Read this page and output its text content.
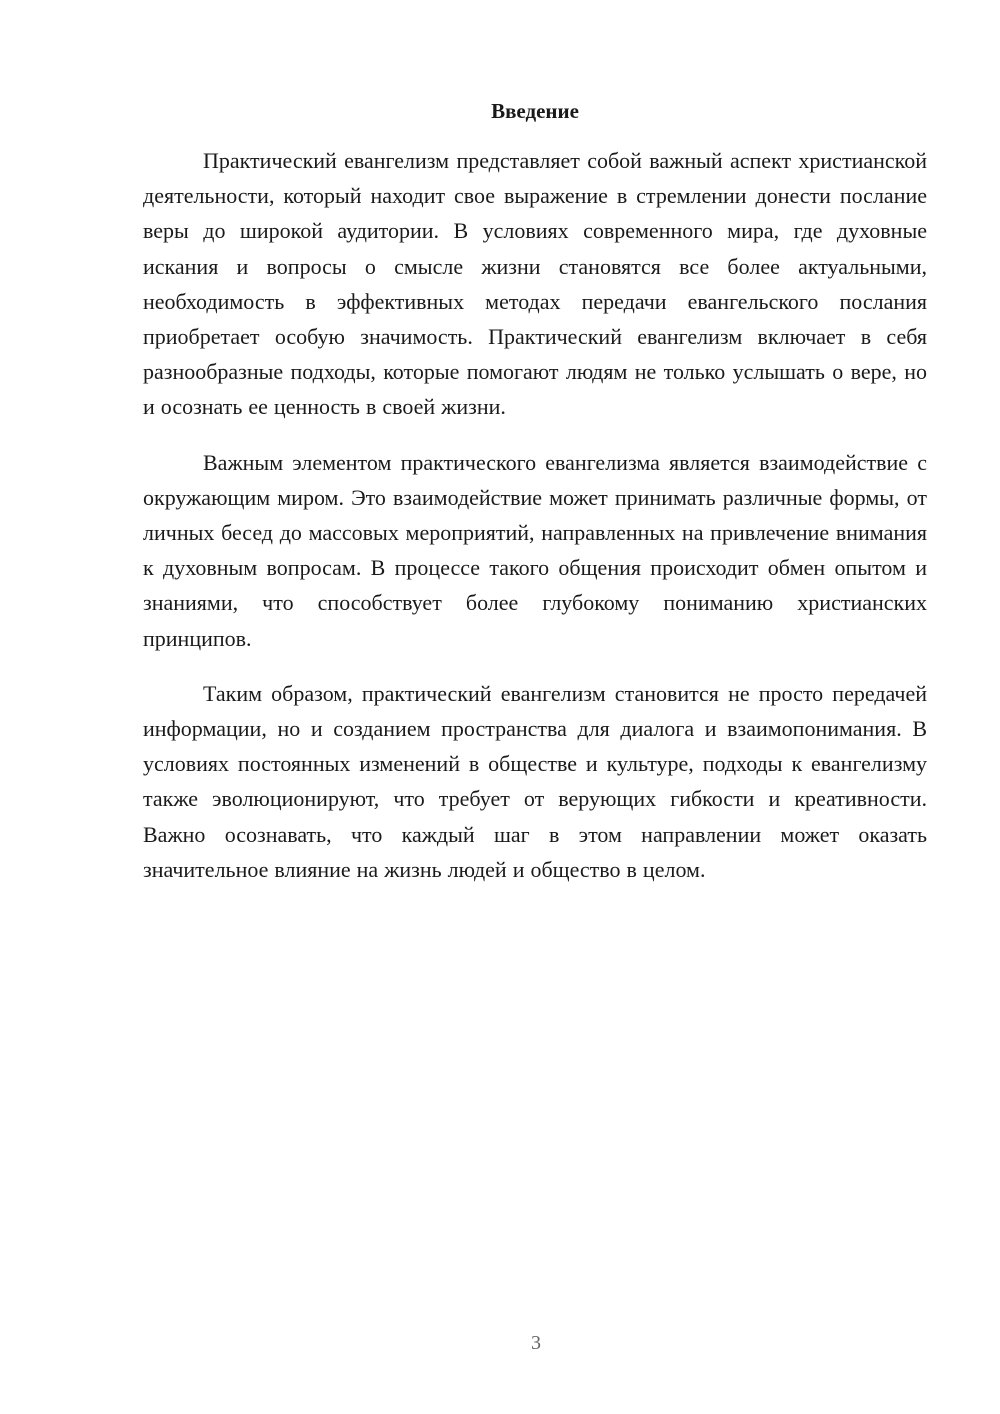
Введение

Практический евангелизм представляет собой важный аспект христианской деятельности, который находит свое выражение в стремлении донести послание веры до широкой аудитории. В условиях современного мира, где духовные искания и вопросы о смысле жизни становятся все более актуальными, необходимость в эффективных методах передачи евангельского послания приобретает особую значимость. Практический евангелизм включает в себя разнообразные подходы, которые помогают людям не только услышать о вере, но и осознать ее ценность в своей жизни.

Важным элементом практического евангелизма является взаимодействие с окружающим миром. Это взаимодействие может принимать различные формы, от личных бесед до массовых мероприятий, направленных на привлечение внимания к духовным вопросам. В процессе такого общения происходит обмен опытом и знаниями, что способствует более глубокому пониманию христианских принципов.

Таким образом, практический евангелизм становится не просто передачей информации, но и созданием пространства для диалога и взаимопонимания. В условиях постоянных изменений в обществе и культуре, подходы к евангелизму также эволюционируют, что требует от верующих гибкости и креативности. Важно осознавать, что каждый шаг в этом направлении может оказать значительное влияние на жизнь людей и общество в целом.

3
